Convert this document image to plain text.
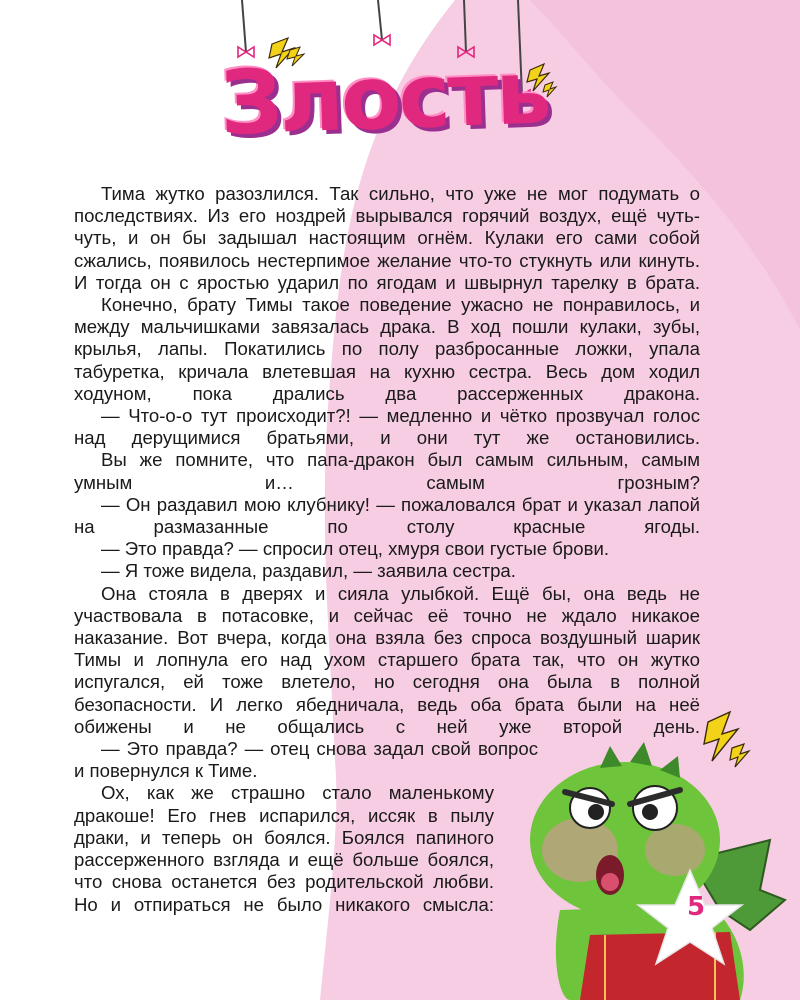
Злость

Тима жутко разозлился. Так сильно, что уже не мог подумать о последствиях. Из его ноздрей вырывался горячий воздух, ещё чуть-чуть, и он бы задышал настоящим огнём. Кулаки его сами собой сжались, появилось нестерпимое желание что-то стукнуть или кинуть. И тогда он с яростью ударил по ягодам и швырнул тарелку в брата.

Конечно, брату Тимы такое поведение ужасно не понравилось, и между мальчишками завязалась драка. В ход пошли кулаки, зубы, крылья, лапы. Покатились по полу разбросанные ложки, упала табуретка, кричала влетевшая на кухню сестра. Весь дом ходил ходуном, пока дрались два рассерженных дракона.

— Что-о-о тут происходит?! — медленно и чётко прозвучал голос над дерущимися братьями, и они тут же остановились.

Вы же помните, что папа-дракон был самым сильным, самым умным и… самым грозным?

— Он раздавил мою клубнику! — пожаловался брат и указал лапой на размазанные по столу красные ягоды.

— Это правда? — спросил отец, хмуря свои густые брови.

— Я тоже видела, раздавил, — заявила сестра.

Она стояла в дверях и сияла улыбкой. Ещё бы, она ведь не участвовала в потасовке, и сейчас её точно не ждало никакое наказание. Вот вчера, когда она взяла без спроса воздушный шарик Тимы и лопнула его над ухом старшего брата так, что он жутко испугался, ей тоже влетело, но сегодня она была в полной безопасности. И легко ябедничала, ведь оба брата были на неё обижены и не общались с ней уже второй день.

— Это правда? — отец снова задал свой вопрос и повернулся к Тиме.

Ох, как же страшно стало маленькому дракоше! Его гнев испарился, иссяк в пылу драки, и теперь он боялся. Боялся папиного рассерженного взгляда и ещё больше боялся, что снова останется без родительской любви. Но и отпираться не было никакого смысла:	5
